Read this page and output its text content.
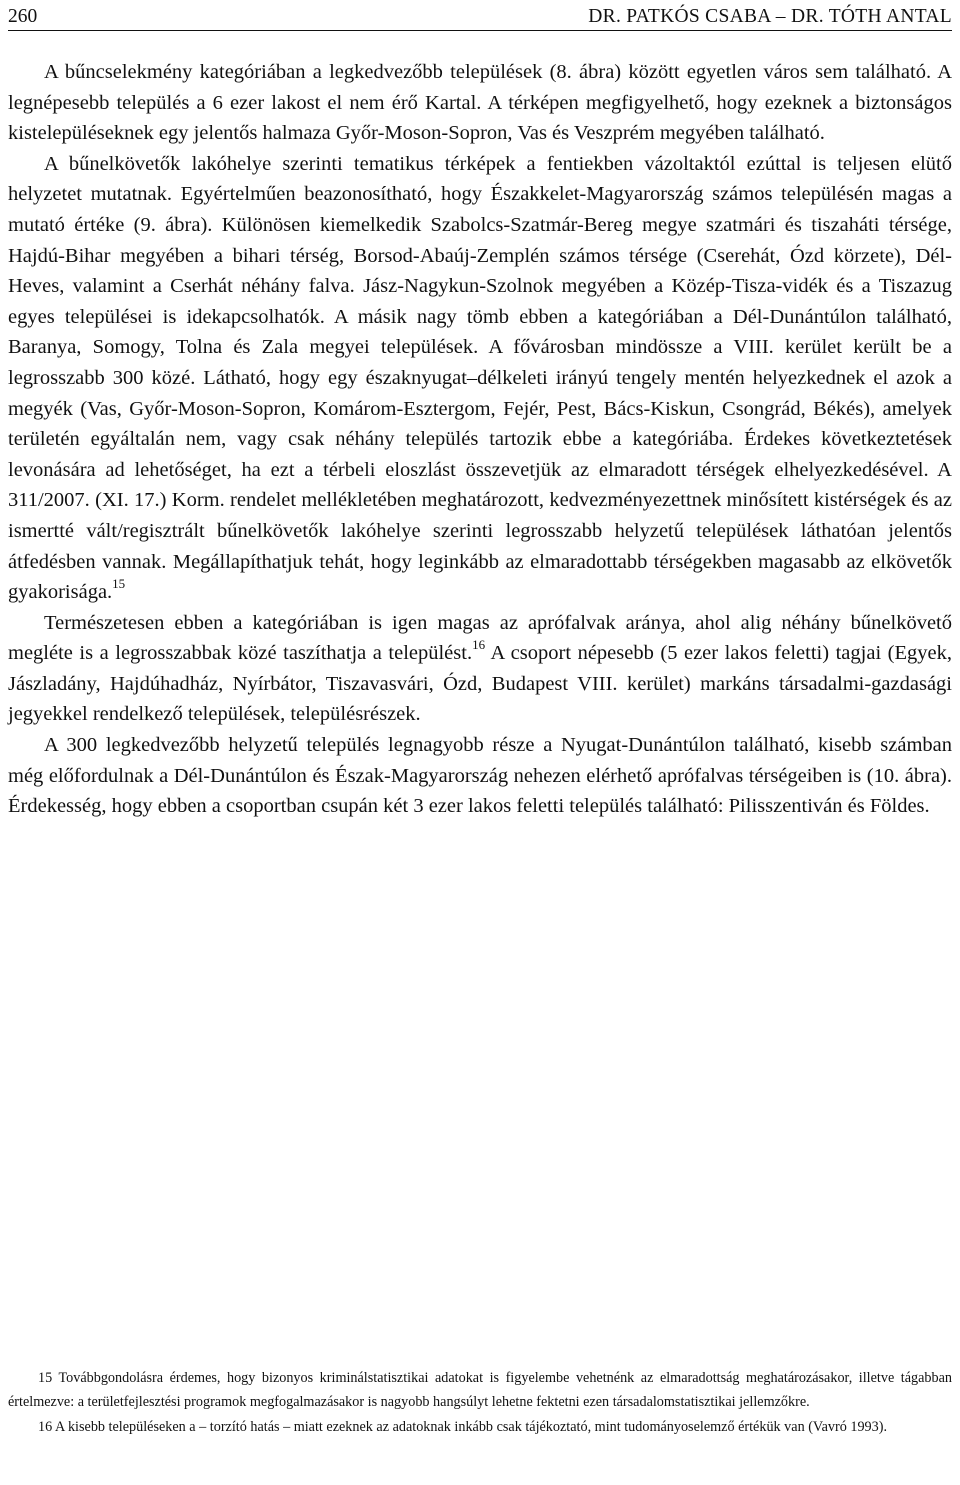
260	DR. PATKÓS CSABA – DR. TÓTH ANTAL

A bűncselekmény kategóriában a legkedvezőbb települések (8. ábra) között egyetlen város sem található. A legnépesebb település a 6 ezer lakost el nem érő Kartal. A térképen megfigyelhető, hogy ezeknek a biztonságos kistelepüléseknek egy jelentős halmaza Győr-Moson-Sopron, Vas és Veszprém megyében található.

A bűnelkövetők lakóhelye szerinti tematikus térképek a fentiekben vázoltaktól ezúttal is teljesen elütő helyzetet mutatnak. Egyértelműen beazonosítható, hogy Északkelet-Magyarország számos településén magas a mutató értéke (9. ábra). Különösen kiemelkedik Szabolcs-Szatmár-Bereg megye szatmári és tiszaháti térsége, Hajdú-Bihar megyében a bihari térség, Borsod-Abaúj-Zemplén számos térsége (Cserehát, Ózd körzete), Dél-Heves, valamint a Cserhát néhány falva. Jász-Nagykun-Szolnok megyében a Közép-Tisza-vidék és a Tiszazug egyes települései is idekapcsolhatók. A másik nagy tömb ebben a kategóriában a Dél-Dunántúlon található, Baranya, Somogy, Tolna és Zala megyei települések. A fővárosban mindössze a VIII. kerület került be a legrosszabb 300 közé. Látható, hogy egy északnyugat–délkeleti irányú tengely mentén helyezkednek el azok a megyék (Vas, Győr-Moson-Sopron, Komárom-Esztergom, Fejér, Pest, Bács-Kiskun, Csongrád, Békés), amelyek területén egyáltalán nem, vagy csak néhány település tartozik ebbe a kategóriába. Érdekes következtetések levonására ad lehetőséget, ha ezt a térbeli eloszlást összevetjük az elmaradott térségek elhelyezkedésével. A 311/2007. (XI. 17.) Korm. rendelet mellékletében meghatározott, kedvezményezettnek minősített kistérségek és az ismertté vált/regisztrált bűnelkövetők lakóhelye szerinti legrosszabb helyzetű települések láthatóan jelentős átfedésben vannak. Megállapíthatjuk tehát, hogy leginkább az elmaradottabb térségekben magasabb az elkövetők gyakorisága.$^{15}$

Természetesen ebben a kategóriában is igen magas az aprófalvak aránya, ahol alig néhány bűnelkövető megléte is a legrosszabbak közé taszíthatja a települést.$^{16}$ A csoport népesebb (5 ezer lakos feletti) tagjai (Egyek, Jászladány, Hajdúhadház, Nyírbátor, Tiszavasvári, Ózd, Budapest VIII. kerület) markáns társadalmi-gazdasági jegyekkel rendelkező települések, településrészek.

A 300 legkedvezőbb helyzetű település legnagyobb része a Nyugat-Dunántúlon található, kisebb számban még előfordulnak a Dél-Dunántúlon és Észak-Magyarország nehezen elérhető aprófalvas térségeiben is (10. ábra). Érdekesség, hogy ebben a csoportban csupán két 3 ezer lakos feletti település található: Pilisszentiván és Földes.

15 Továbbgondolásra érdemes, hogy bizonyos kriminálstatisztikai adatokat is figyelembe vehetnénk az elmaradottság meghatározásakor, illetve tágabban értelmezve: a területfejlesztési programok megfogalmazásakor is nagyobb hangsúlyt lehetne fektetni ezen társadalomstatisztikai jellemzőkre.

16 A kisebb településeken a – torzító hatás – miatt ezeknek az adatoknak inkább csak tájékoztató, mint tudományoselemző értékük van (Vavró 1993).
